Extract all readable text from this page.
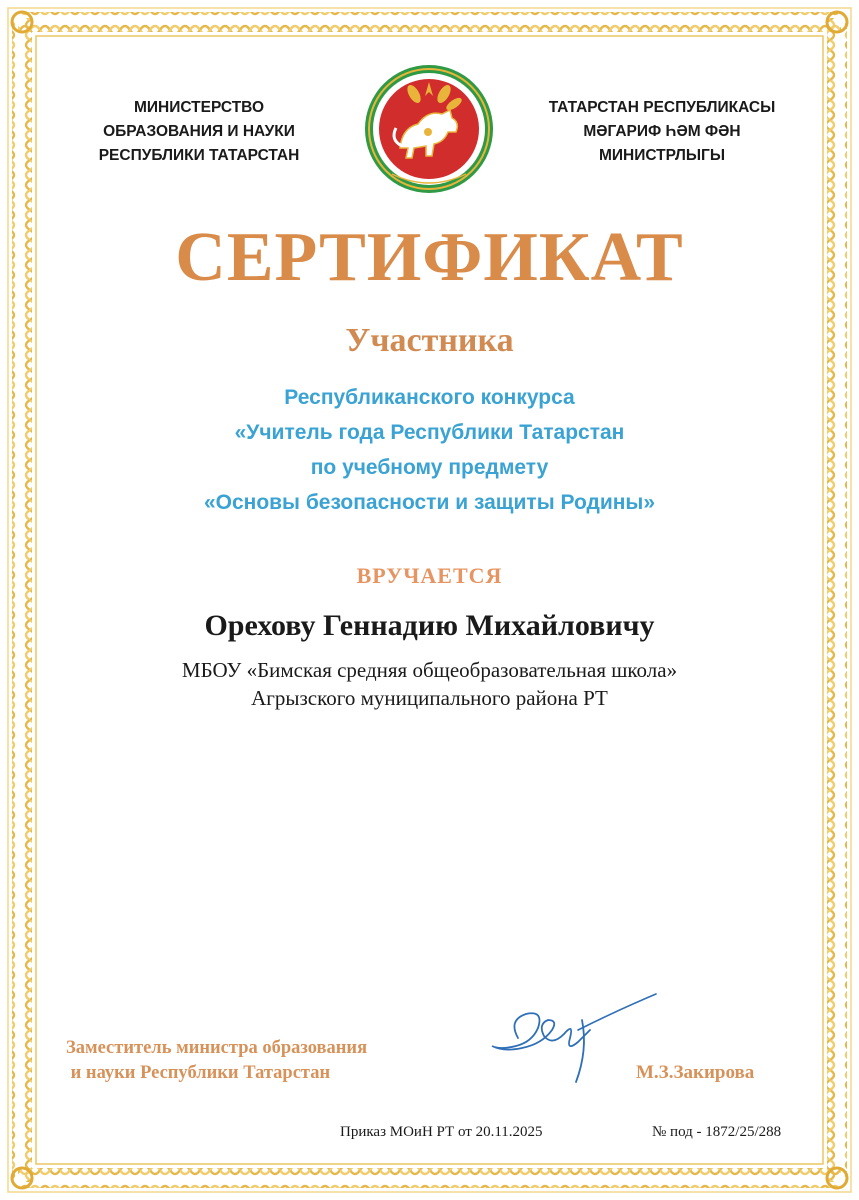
МИНИСТЕРСТВО
ОБРАЗОВАНИЯ И НАУКИ
РЕСПУБЛИКИ ТАТАРСТАН
ТАТАРСТАН РЕСПУБЛИКАСЫ
МӘГАРИФ ҺӘМ ФӘН
МИНИСТРЛЫГЫ
СЕРТИФИКАТ
Участника
Республиканского конкурса
«Учитель года Республики Татарстан
по учебному предмету
«Основы безопасности и защиты Родины»
ВРУЧАЕТСЯ
Орехову Геннадию Михайловичу
МБОУ «Бимская средняя общеобразовательная школа»
Агрызского муниципального района РТ
Заместитель министра образования
и науки Республики Татарстан	М.З.Закирова
Приказ МОиН РТ от 20.11.2025	№ под - 1872/25/288
